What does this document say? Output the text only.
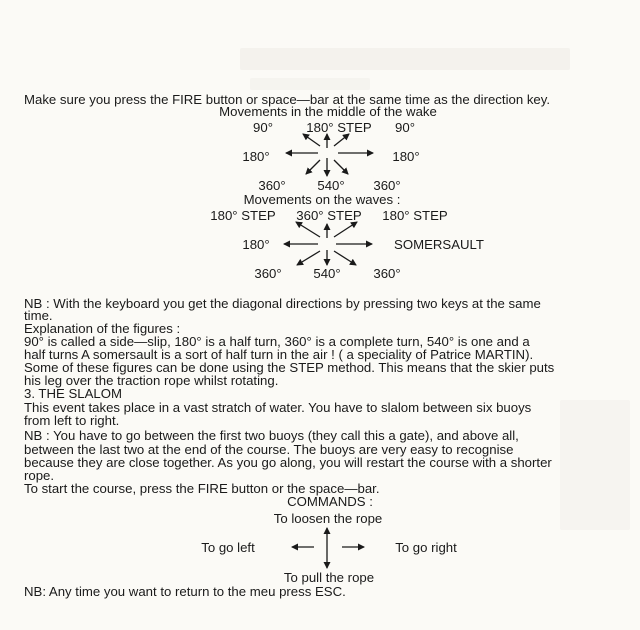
Make sure you press the FIRE button or space—bar at the same time as the direction key.
Movements in the middle of the wake
90°	180° STEP 90°
180°	180°
360° 540° 360°
Movements on the waves :
180° STEP 360° STEP 180° STEP
180°	SOMERSAULT
360° 540° 360°
NB : With the keyboard you get the diagonal directions by pressing two keys at the same
time.
Explanation of the figures :
90° is called a side—slip, 180° is a half turn, 360° is a complete turn, 540° is one and a
half turns A somersault is a sort of half turn in the air ! ( a speciality of Patrice MARTIN).
Some of these figures can be done using the STEP method. This means that the skier puts
his leg over the traction rope whilst rotating.
3. THE SLALOM
This event takes place in a vast stratch of water. You have to slalom between six buoys
from left to right.
NB : You have to go between the first two buoys (they call this a gate), and above all,
between the last two at the end of the course. The buoys are very easy to recognise
because they are close together. As you go along, you will restart the course with a shorter
rope.
To start the course, press the FIRE button or the space—bar.
COMMANDS :
To loosen the rope
To go left	To go right
To pull the rope
NB: Any time you want to return to the meu press ESC.
